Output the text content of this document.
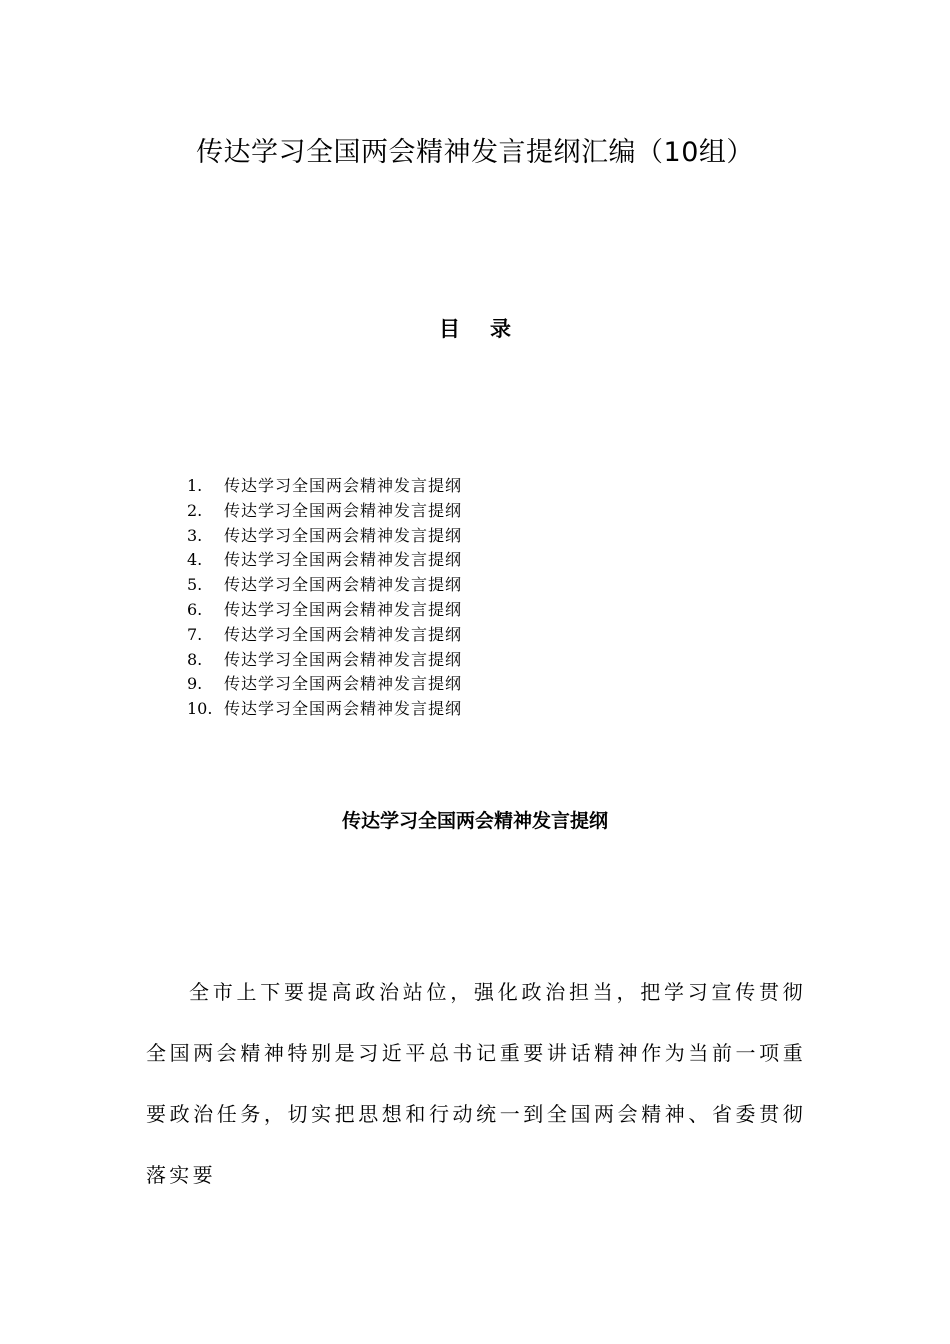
传达学习全国两会精神发言提纲汇编（10组）
目 录
1.	传达学习全国两会精神发言提纲
2.	传达学习全国两会精神发言提纲
3.	传达学习全国两会精神发言提纲
4.	传达学习全国两会精神发言提纲
5.	传达学习全国两会精神发言提纲
6.	传达学习全国两会精神发言提纲
7.	传达学习全国两会精神发言提纲
8.	传达学习全国两会精神发言提纲
9.	传达学习全国两会精神发言提纲
10. 传达学习全国两会精神发言提纲
传达学习全国两会精神发言提纲

全市上下要提高政治站位，强化政治担当，把学习宣传贯彻全国两会精神特别是习近平总书记重要讲话精神作为当前一项重要政治任务，切实把思想和行动统一到全国两会精神、省委贯彻落实要
